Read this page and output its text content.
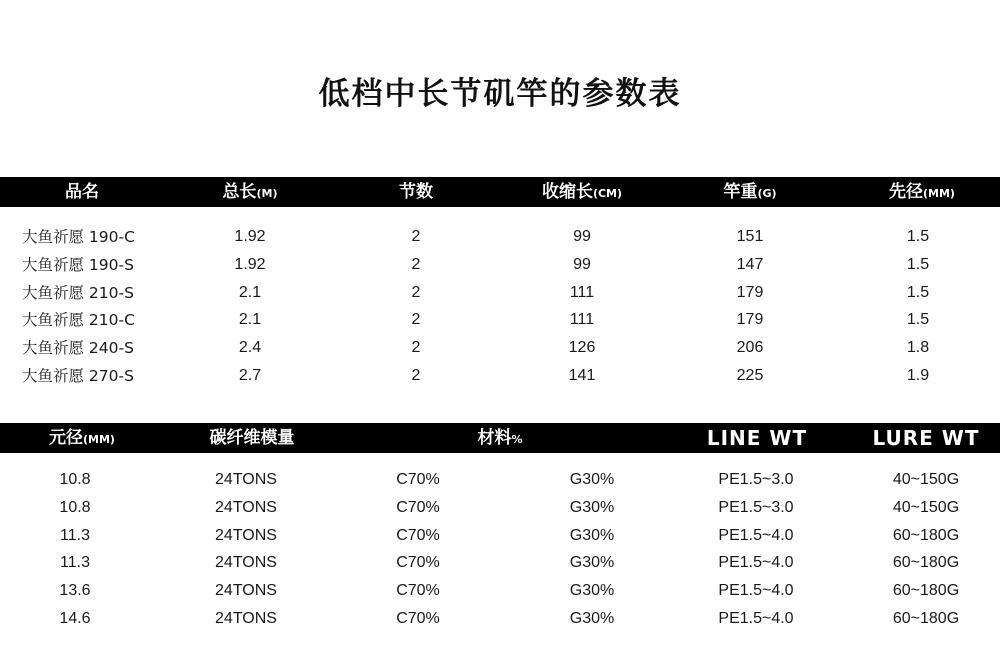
低档中长节矶竿的参数表
品名	总长(M)	节数	收缩长(CM)	竿重(G)	先径(MM)
大鱼祈愿 190-C	1.92	2	99	151	1.5
大鱼祈愿 190-S	1.92	2	99	147	1.5
大鱼祈愿 210-S	2.1	2	111	179	1.5
大鱼祈愿 210-C	2.1	2	111	179	1.5
大鱼祈愿 240-S	2.4	2	126	206	1.8
大鱼祈愿 270-S	2.7	2	141	225	1.9
元径(MM)	碳纤维模量	材料%	LINE WT	LURE WT
10.8	24TONS	C70%	G30%	PE1.5~3.0	40~150G
10.8	24TONS	C70%	G30%	PE1.5~3.0	40~150G
11.3	24TONS	C70%	G30%	PE1.5~4.0	60~180G
11.3	24TONS	C70%	G30%	PE1.5~4.0	60~180G
13.6	24TONS	C70%	G30%	PE1.5~4.0	60~180G
14.6	24TONS	C70%	G30%	PE1.5~4.0	60~180G
